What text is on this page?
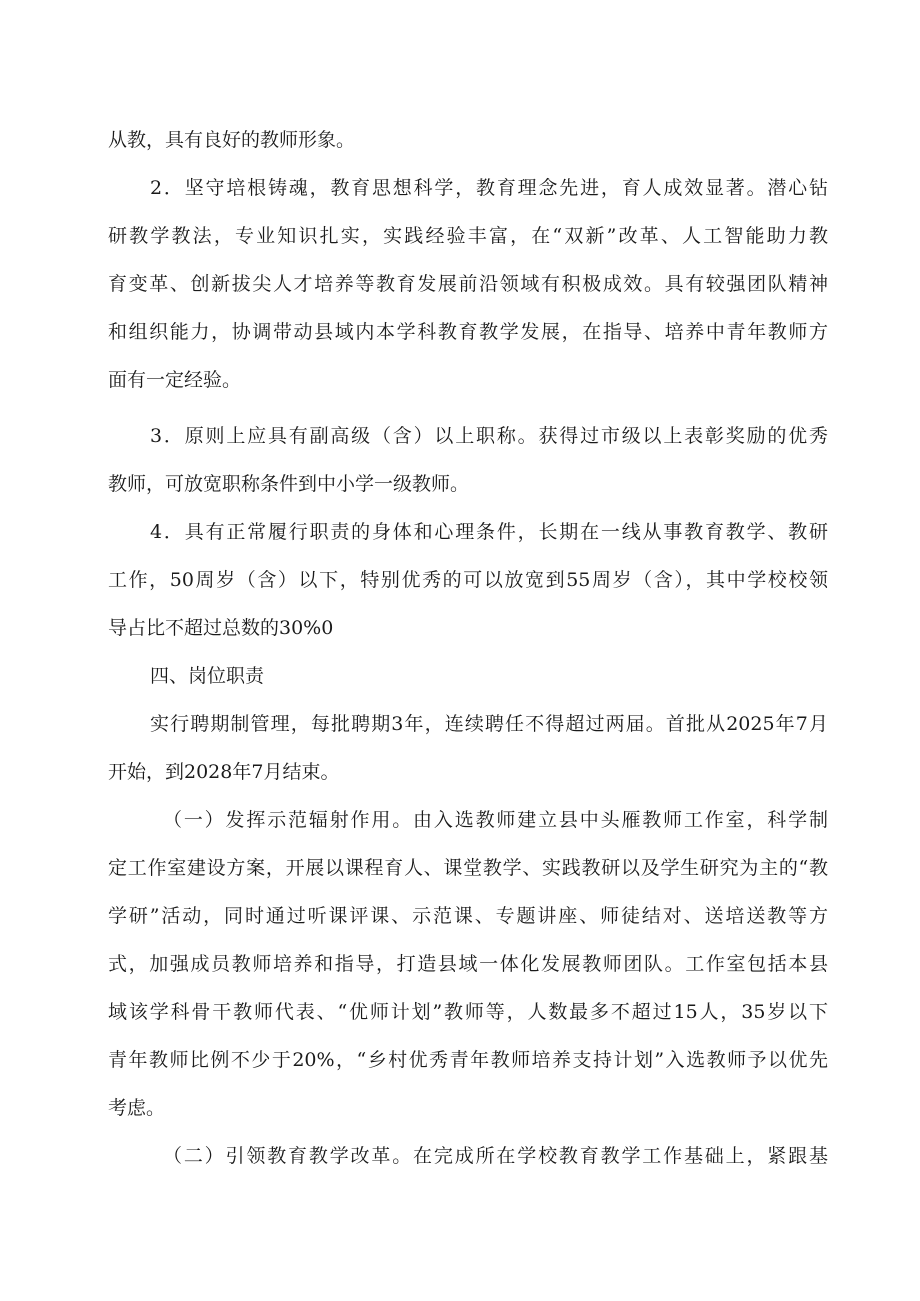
从教，具有良好的教师形象。
2．坚守培根铸魂，教育思想科学，教育理念先进，育人成效显著。潜心钻
研教学教法，专业知识扎实，实践经验丰富，在“双新”改革、人工智能助力教
育变革、创新拔尖人才培养等教育发展前沿领域有积极成效。具有较强团队精神
和组织能力，协调带动县域内本学科教育教学发展，在指导、培养中青年教师方
面有一定经验。
3．原则上应具有副高级（含）以上职称。获得过市级以上表彰奖励的优秀
教师，可放宽职称条件到中小学一级教师。
4．具有正常履行职责的身体和心理条件，长期在一线从事教育教学、教研
工作，50周岁（含）以下，特别优秀的可以放宽到55周岁（含），其中学校校领
导占比不超过总数的30%0
四、岗位职责
实行聘期制管理，每批聘期3年，连续聘任不得超过两届。首批从2025年7月
开始，到2028年7月结束。
（一）发挥示范辐射作用。由入选教师建立县中头雁教师工作室，科学制
定工作室建设方案，开展以课程育人、课堂教学、实践教研以及学生研究为主的“教
学研”活动，同时通过听课评课、示范课、专题讲座、师徒结对、送培送教等方
式，加强成员教师培养和指导，打造县域一体化发展教师团队。工作室包括本县
域该学科骨干教师代表、“优师计划”教师等，人数最多不超过15人，35岁以下
青年教师比例不少于20%，“乡村优秀青年教师培养支持计划”入选教师予以优先
考虑。
（二）引领教育教学改革。在完成所在学校教育教学工作基础上，紧跟基
